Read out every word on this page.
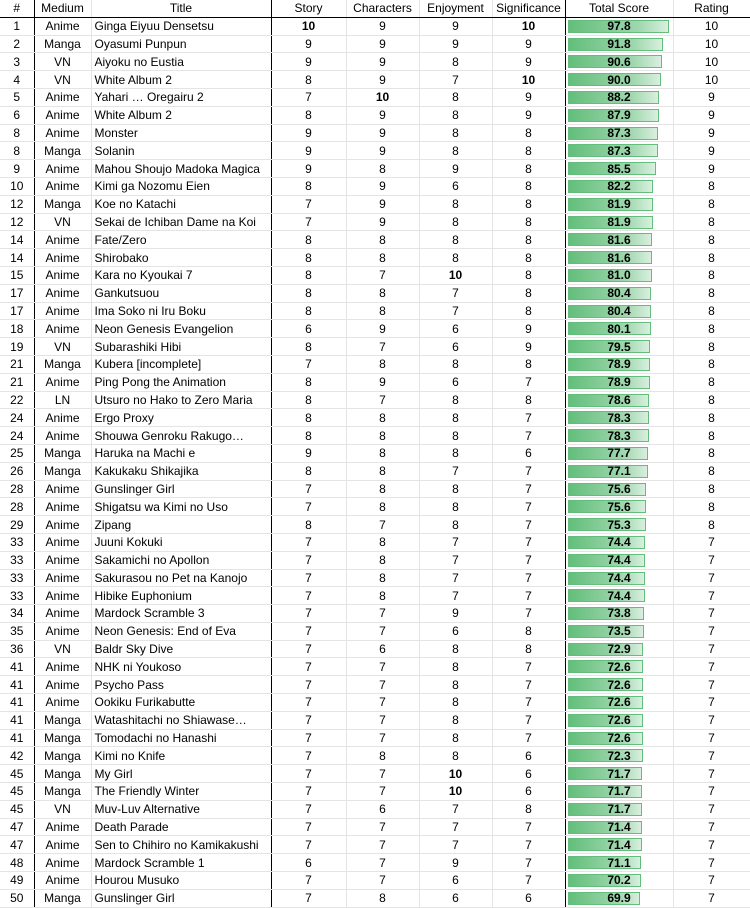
#	Medium	Title	Story	Characters	Enjoyment	Significance	Total Score	Rating
1	Anime	Ginga Eiyuu Densetsu	10	9	9	10	97.8	10
2	Manga	Oyasumi Punpun	9	9	9	9	91.8	10
3	VN	Aiyoku no Eustia	9	9	8	9	90.6	10
4	VN	White Album 2	8	9	7	10	90.0	10
5	Anime	Yahari … Oregairu 2	7	10	8	9	88.2	9
6	Anime	White Album 2	8	9	8	9	87.9	9
8	Anime	Monster	9	9	8	8	87.3	9
8	Manga	Solanin	9	9	8	8	87.3	9
9	Anime	Mahou Shoujo Madoka Magica	9	8	9	8	85.5	9
10	Anime	Kimi ga Nozomu Eien	8	9	6	8	82.2	8
12	Manga	Koe no Katachi	7	9	8	8	81.9	8
12	VN	Sekai de Ichiban Dame na Koi	7	9	8	8	81.9	8
14	Anime	Fate/Zero	8	8	8	8	81.6	8
14	Anime	Shirobako	8	8	8	8	81.6	8
15	Anime	Kara no Kyoukai 7	8	7	10	8	81.0	8
17	Anime	Gankutsuou	8	8	7	8	80.4	8
17	Anime	Ima Soko ni Iru Boku	8	8	7	8	80.4	8
18	Anime	Neon Genesis Evangelion	6	9	6	9	80.1	8
19	VN	Subarashiki Hibi	8	7	6	9	79.5	8
21	Manga	Kubera [incomplete]	7	8	8	8	78.9	8
21	Anime	Ping Pong the Animation	8	9	6	7	78.9	8
22	LN	Utsuro no Hako to Zero Maria	8	7	8	8	78.6	8
24	Anime	Ergo Proxy	8	8	8	7	78.3	8
24	Anime	Shouwa Genroku Rakugo…	8	8	8	7	78.3	8
25	Manga	Haruka na Machi e	9	8	8	6	77.7	8
26	Manga	Kakukaku Shikajika	8	8	7	7	77.1	8
28	Anime	Gunslinger Girl	7	8	8	7	75.6	8
28	Anime	Shigatsu wa Kimi no Uso	7	8	8	7	75.6	8
29	Anime	Zipang	8	7	8	7	75.3	8
33	Anime	Juuni Kokuki	7	8	7	7	74.4	7
33	Anime	Sakamichi no Apollon	7	8	7	7	74.4	7
33	Anime	Sakurasou no Pet na Kanojo	7	8	7	7	74.4	7
33	Anime	Hibike Euphonium	7	8	7	7	74.4	7
34	Anime	Mardock Scramble 3	7	7	9	7	73.8	7
35	Anime	Neon Genesis: End of Eva	7	7	6	8	73.5	7
36	VN	Baldr Sky Dive	7	6	8	8	72.9	7
41	Anime	NHK ni Youkoso	7	7	8	7	72.6	7
41	Anime	Psycho Pass	7	7	8	7	72.6	7
41	Anime	Ookiku Furikabutte	7	7	8	7	72.6	7
41	Manga	Watashitachi no Shiawase…	7	7	8	7	72.6	7
41	Manga	Tomodachi no Hanashi	7	7	8	7	72.6	7
42	Manga	Kimi no Knife	7	8	8	6	72.3	7
45	Manga	My Girl	7	7	10	6	71.7	7
45	Manga	The Friendly Winter	7	7	10	6	71.7	7
45	VN	Muv-Luv Alternative	7	6	7	8	71.7	7
47	Anime	Death Parade	7	7	7	7	71.4	7
47	Anime	Sen to Chihiro no Kamikakushi	7	7	7	7	71.4	7
48	Anime	Mardock Scramble 1	6	7	9	7	71.1	7
49	Anime	Hourou Musuko	7	7	6	7	70.2	7
50	Manga	Gunslinger Girl	7	8	6	6	69.9	7
